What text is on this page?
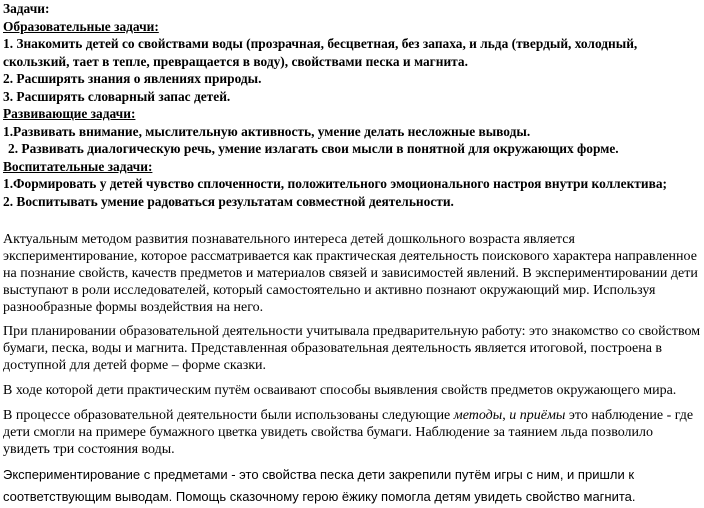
Задачи:
Образовательные задачи:
1. Знакомить детей со свойствами воды (прозрачная, бесцветная, без запаха, и льда (твердый, холодный,
скользкий, тает в тепле, превращается в воду), свойствами песка и магнита.
2. Расширять знания о явлениях природы.
3. Расширять словарный запас детей.
Развивающие задачи:
1.Развивать внимание, мыслительную активность, умение делать несложные выводы.
2. Развивать диалогическую речь, умение излагать свои мысли в понятной для окружающих форме.
Воспитательные задачи:
1.Формировать у детей чувство сплоченности, положительного эмоционального настроя внутри коллектива;
2. Воспитывать умение радоваться результатам совместной деятельности.

Актуальным методом развития познавательного интереса детей дошкольного возраста является экспериментирование, которое рассматривается как практическая деятельность поискового характера направленное на познание свойств, качеств предметов и материалов связей и зависимостей явлений. В экспериментировании дети выступают в роли исследователей, который самостоятельно и активно познают окружающий мир. Используя разнообразные формы воздействия на него.

При планировании образовательной деятельности учитывала предварительную работу: это знакомство со свойством бумаги, песка, воды и магнита. Представленная образовательная деятельность является итоговой, построена в доступной для детей форме – форме сказки.

В ходе которой дети практическим путём осваивают способы выявления свойств предметов окружающего мира.

В процессе образовательной деятельности были использованы следующие методы, и приёмы это наблюдение - где дети смогли на примере бумажного цветка увидеть свойства бумаги. Наблюдение за таянием льда позволило увидеть три состояния воды.

Экспериментирование с предметами - это свойства песка дети закрепили путём игры с ним, и пришли к соответствующим выводам. Помощь сказочному герою ёжику помогла детям увидеть свойство магнита.
